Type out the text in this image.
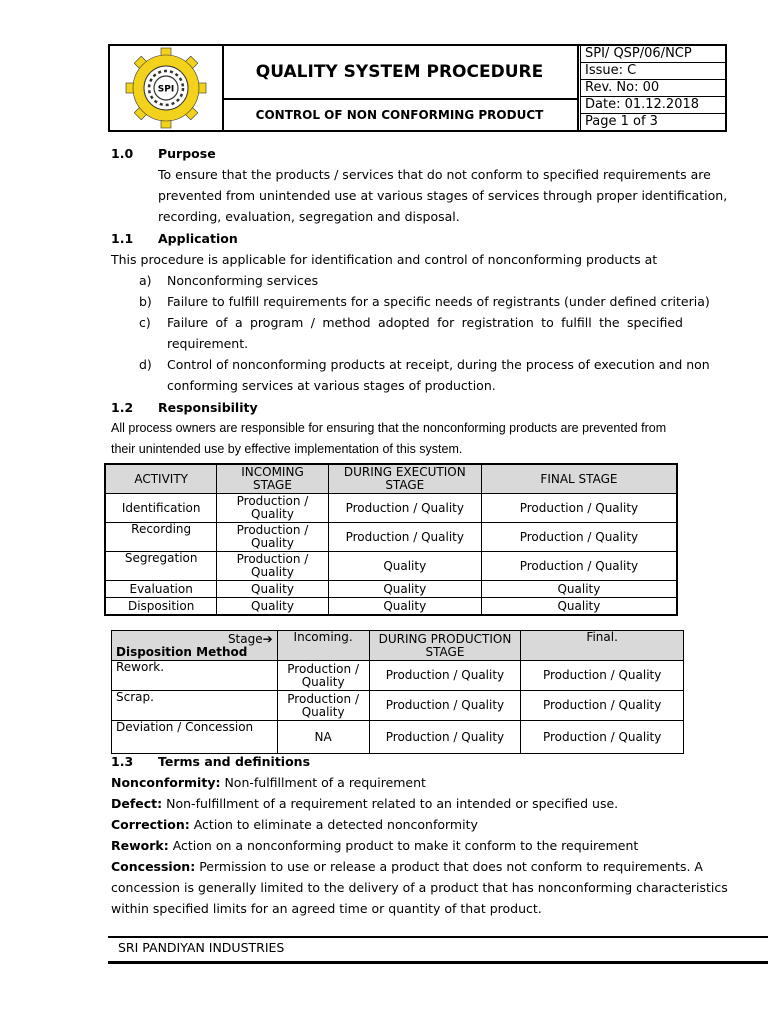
SPI
QUALITY SYSTEM PROCEDURE
CONTROL OF NON CONFORMING PRODUCT
SPI/ QSP/06/NCP
Issue: C
Rev. No: 00
Date: 01.12.2018
Page 1 of 3
1.0 Purpose
To ensure that the products / services that do not conform to specified requirements are
prevented from unintended use at various stages of services through proper identification,
recording, evaluation, segregation and disposal.
1.1 Application
This procedure is applicable for identification and control of nonconforming products at
a) Nonconforming services
b) Failure to fulfill requirements for a specific needs of registrants (under defined criteria)
c) Failure of a program / method adopted for registration to fulfill the specified
requirement.
d) Control of nonconforming products at receipt, during the process of execution and non
conforming services at various stages of production.
1.2 Responsibility
All process owners are responsible for ensuring that the nonconforming products are prevented from
their unintended use by effective implementation of this system.
ACTIVITY	INCOMING STAGE	DURING EXECUTION STAGE	FINAL STAGE
Identification	Production / Quality	Production / Quality	Production / Quality
Recording	Production / Quality	Production / Quality	Production / Quality
Segregation	Production / Quality	Quality	Production / Quality
Evaluation	Quality	Quality	Quality
Disposition	Quality	Quality	Quality
Stage➔
Disposition Method	Incoming.	DURING PRODUCTION STAGE	Final.
Rework.	Production / Quality	Production / Quality	Production / Quality
Scrap.	Production / Quality	Production / Quality	Production / Quality
Deviation / Concession	NA	Production / Quality	Production / Quality
1.3 Terms and definitions
Nonconformity: Non-fulfillment of a requirement
Defect: Non-fulfillment of a requirement related to an intended or specified use.
Correction: Action to eliminate a detected nonconformity
Rework: Action on a nonconforming product to make it conform to the requirement
Concession: Permission to use or release a product that does not conform to requirements. A
concession is generally limited to the delivery of a product that has nonconforming characteristics
within specified limits for an agreed time or quantity of that product.
SRI PANDIYAN INDUSTRIES
